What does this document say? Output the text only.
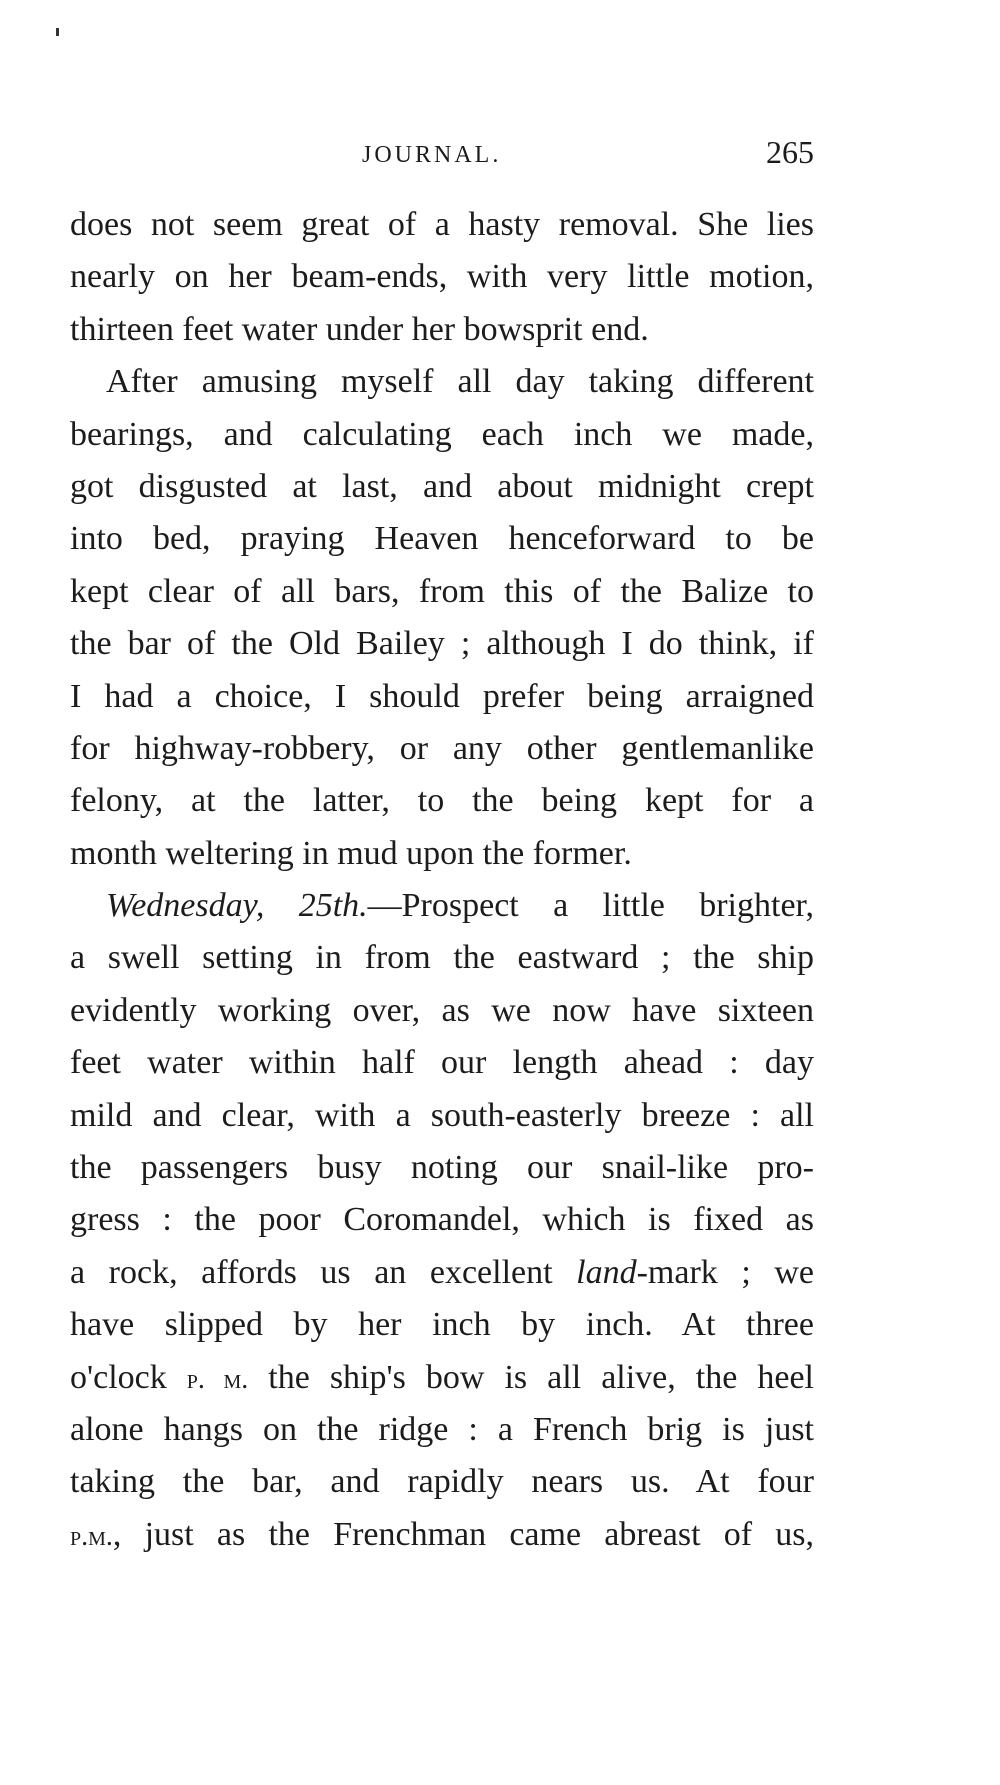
JOURNAL.	265
does not seem great of a hasty removal. She lies
nearly on her beam-ends, with very little motion,
thirteen feet water under her bowsprit end.
After amusing myself all day taking different
bearings, and calculating each inch we made,
got disgusted at last, and about midnight crept
into bed, praying Heaven henceforward to be
kept clear of all bars, from this of the Balize to
the bar of the Old Bailey ; although I do think, if
I had a choice, I should prefer being arraigned
for highway-robbery, or any other gentlemanlike
felony, at the latter, to the being kept for a
month weltering in mud upon the former.
Wednesday, 25th.—Prospect a little brighter,
a swell setting in from the eastward ; the ship
evidently working over, as we now have sixteen
feet water within half our length ahead : day
mild and clear, with a south-easterly breeze : all
the passengers busy noting our snail-like pro-
gress : the poor Coromandel, which is fixed as
a rock, affords us an excellent land-mark ; we
have slipped by her inch by inch. At three
o'clock p. m. the ship's bow is all alive, the heel
alone hangs on the ridge : a French brig is just
taking the bar, and rapidly nears us. At four
p.m., just as the Frenchman came abreast of us,
